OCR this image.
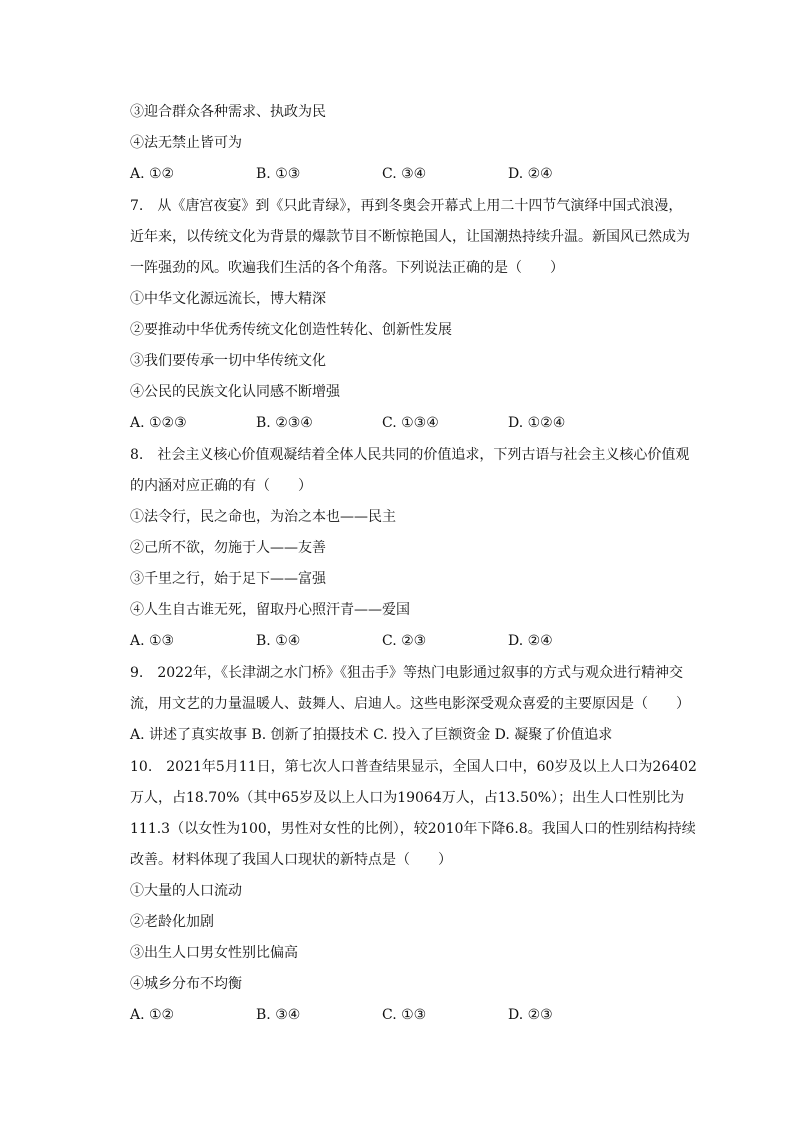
③迎合群众各种需求、执政为民
④法无禁止皆可为
A. ①②	B. ①③	C. ③④	D. ②④
7. 从《唐宫夜宴》到《只此青绿》，再到冬奥会开幕式上用二十四节气演绎中国式浪漫，
近年来，以传统文化为背景的爆款节目不断惊艳国人，让国潮热持续升温。新国风已然成为
一阵强劲的风。吹遍我们生活的各个角落。下列说法正确的是（　　）
①中华文化源远流长，博大精深
②要推动中华优秀传统文化创造性转化、创新性发展
③我们要传承一切中华传统文化
④公民的民族文化认同感不断增强
A. ①②③	B. ②③④	C. ①③④	D. ①②④
8. 社会主义核心价值观凝结着全体人民共同的价值追求，下列古语与社会主义核心价值观
的内涵对应正确的有（　　）
①法令行，民之命也，为治之本也——民主
②己所不欲，勿施于人——友善
③千里之行，始于足下——富强
④人生自古谁无死，留取丹心照汗青——爱国
A. ①③	B. ①④	C. ②③	D. ②④
9. 2022年，《长津湖之水门桥》《狙击手》等热门电影通过叙事的方式与观众进行精神交
流，用文艺的力量温暖人、鼓舞人、启迪人。这些电影深受观众喜爱的主要原因是（　　）
A. 讲述了真实故事 B. 创新了拍摄技术 C. 投入了巨额资金 D. 凝聚了价值追求
10. 2021年5月11日，第七次人口普查结果显示，全国人口中，60岁及以上人口为26402
万人，占18.70%（其中65岁及以上人口为19064万人，占13.50%）；出生人口性别比为
111.3（以女性为100，男性对女性的比例），较2010年下降6.8。我国人口的性别结构持续
改善。材料体现了我国人口现状的新特点是（　　）
①大量的人口流动
②老龄化加剧
③出生人口男女性别比偏高
④城乡分布不均衡
A. ①②	B. ③④	C. ①③	D. ②③
